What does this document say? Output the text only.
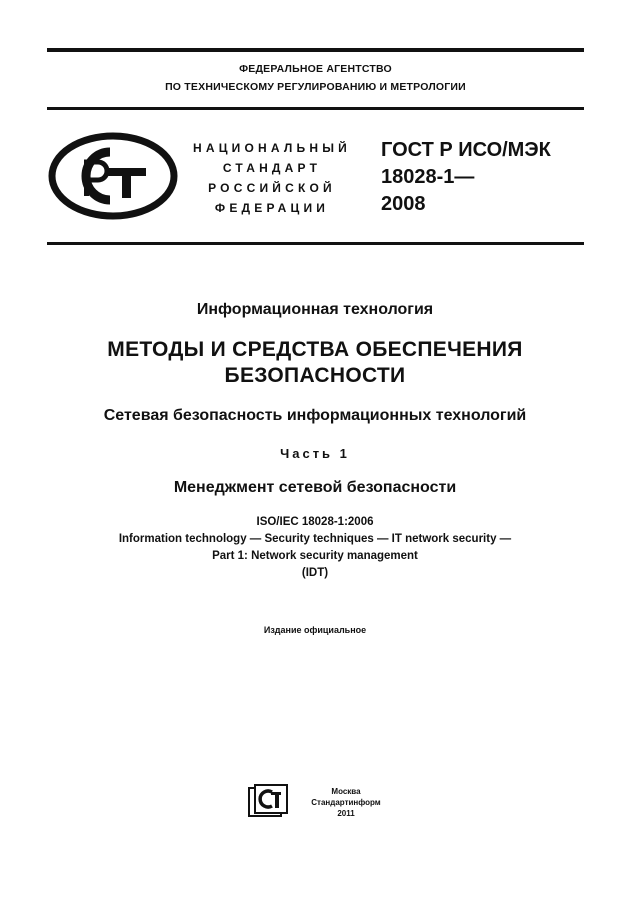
ФЕДЕРАЛЬНОЕ АГЕНТСТВО
ПО ТЕХНИЧЕСКОМУ РЕГУЛИРОВАНИЮ И МЕТРОЛОГИИ
НАЦИОНАЛЬНЫЙ
СТАНДАРТ
РОССИЙСКОЙ
ФЕДЕРАЦИИ
ГОСТ Р ИСО/МЭК
18028-1—
2008
Информационная технология
МЕТОДЫ И СРЕДСТВА ОБЕСПЕЧЕНИЯ
БЕЗОПАСНОСТИ
Сетевая безопасность информационных технологий
Часть 1
Менеджмент сетевой безопасности
ISO/IEC 18028-1:2006
Information technology — Security techniques — IT network security —
Part 1: Network security management
(IDT)
Издание официальное
Москва
Стандартинформ
2011
